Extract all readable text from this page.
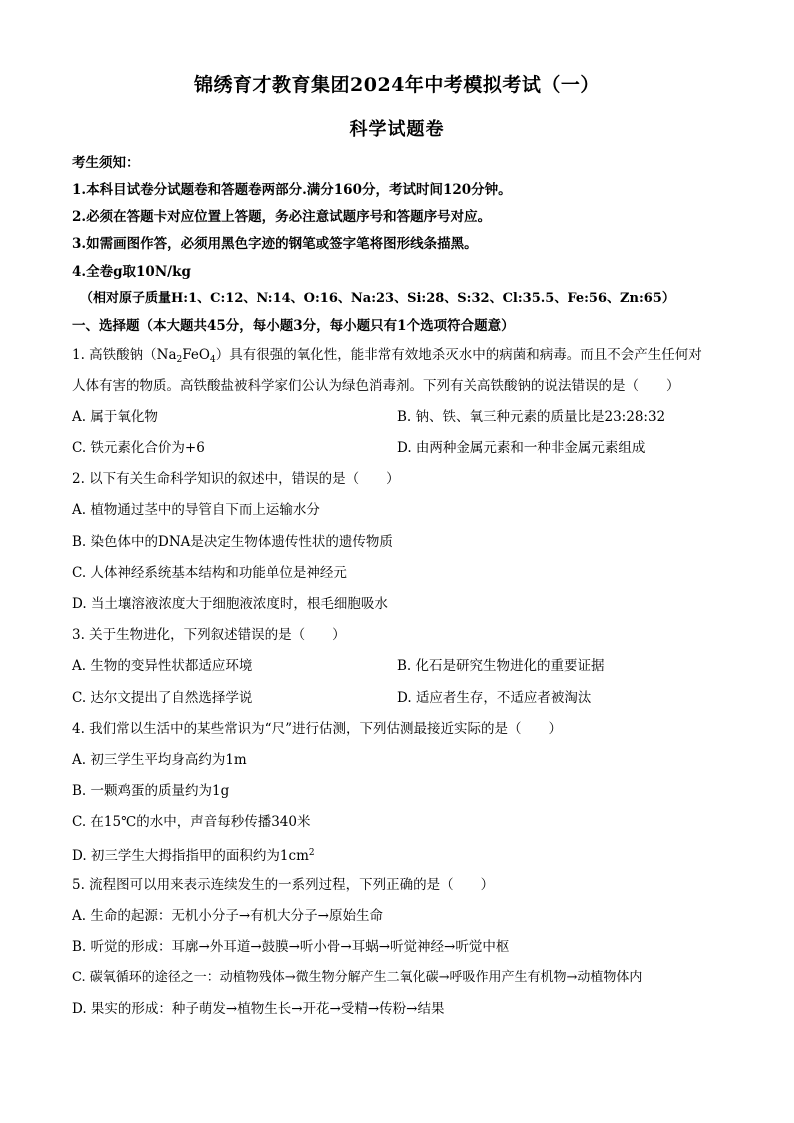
锦绣育才教育集团2024年中考模拟考试（一）
科学试题卷
考生须知：
1.本科目试卷分试题卷和答题卷两部分.满分160分，考试时间120分钟。
2.必须在答题卡对应位置上答题，务必注意试题序号和答题序号对应。
3.如需画图作答，必须用黑色字迹的钢笔或签字笔将图形线条描黑。
4.全卷g取10N/kg
（相对原子质量H:1、C:12、N:14、O:16、Na:23、Si:28、S:32、Cl:35.5、Fe:56、Zn:65）
一、选择题（本大题共45分，每小题3分，每小题只有1个选项符合题意）
1. 高铁酸钠$(Na_2FeO_4)$具有很强的氧化性，能非常有效地杀灭水中的病菌和病毒。而且不会产生任何对
人体有害的物质。高铁酸盐被科学家们公认为绿色消毒剂。下列有关高铁酸钠的说法错误的是（　　）
A. 属于氧化物	B. 钠、铁、氧三种元素的质量比是23:28:32
C. 铁元素化合价为+6	D. 由两种金属元素和一种非金属元素组成
2. 以下有关生命科学知识的叙述中，错误的是（　　）
A. 植物通过茎中的导管自下而上运输水分
B. 染色体中的DNA是决定生物体遗传性状的遗传物质
C. 人体神经系统基本结构和功能单位是神经元
D. 当土壤溶液浓度大于细胞液浓度时，根毛细胞吸水
3. 关于生物进化，下列叙述错误的是（　　）
A. 生物的变异性状都适应环境	B. 化石是研究生物进化的重要证据
C. 达尔文提出了自然选择学说	D. 适应者生存，不适应者被淘汰
4. 我们常以生活中的某些常识为“尺”进行估测，下列估测最接近实际的是（　　）
A. 初三学生平均身高约为1m
B. 一颗鸡蛋的质量约为1g
C. 在15℃的水中，声音每秒传播340米
D. 初三学生大拇指指甲的面积约为$1cm^2$
5. 流程图可以用来表示连续发生的一系列过程，下列正确的是（　　）
A. 生命的起源：无机小分子→有机大分子→原始生命
B. 听觉的形成：耳廓→外耳道→鼓膜→听小骨→耳蜗→听觉神经→听觉中枢
C. 碳氧循环的途径之一：动植物残体→微生物分解产生二氧化碳→呼吸作用产生有机物→动植物体内
D. 果实的形成：种子萌发→植物生长→开花→受精→传粉→结果
